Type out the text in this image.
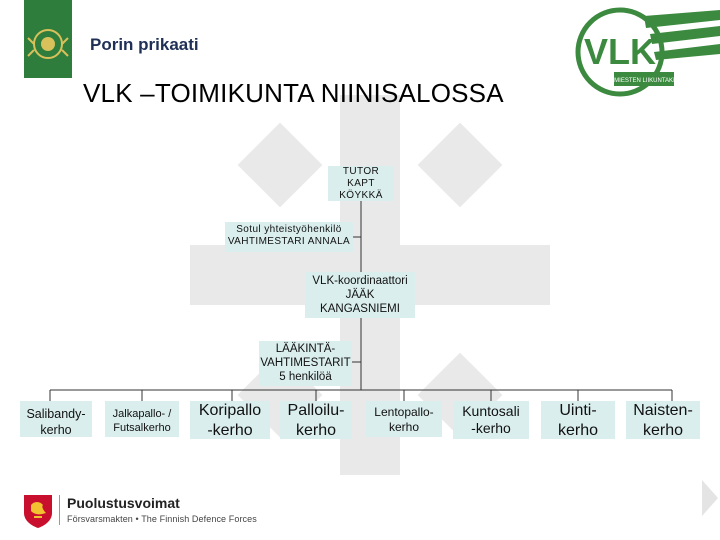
Porin prikaati
VLK –TOIMIKUNTA NIINISALOSSA
VLK
VARUSMIESTEN LIIKUNTAKERHOT
TUTOR
KAPT
KÖYKKÄ
Sotul yhteistyöhenkilö
VAHTIMESTARI ANNALA
VLK-koordinaattori
JÄÄK
KANGASNIEMI
LÄÄKINTÄ-
VAHTIMESTARIT
5 henkilöä
Salibandy-
kerho
Jalkapallo- /
Futsalkerho
Koripallo
-kerho
Palloilu-
kerho
Lentopallo-
kerho
Kuntosali
-kerho
Uinti-
kerho
Naisten-
kerho
Puolustusvoimat
Försvarsmakten • The Finnish Defence Forces
